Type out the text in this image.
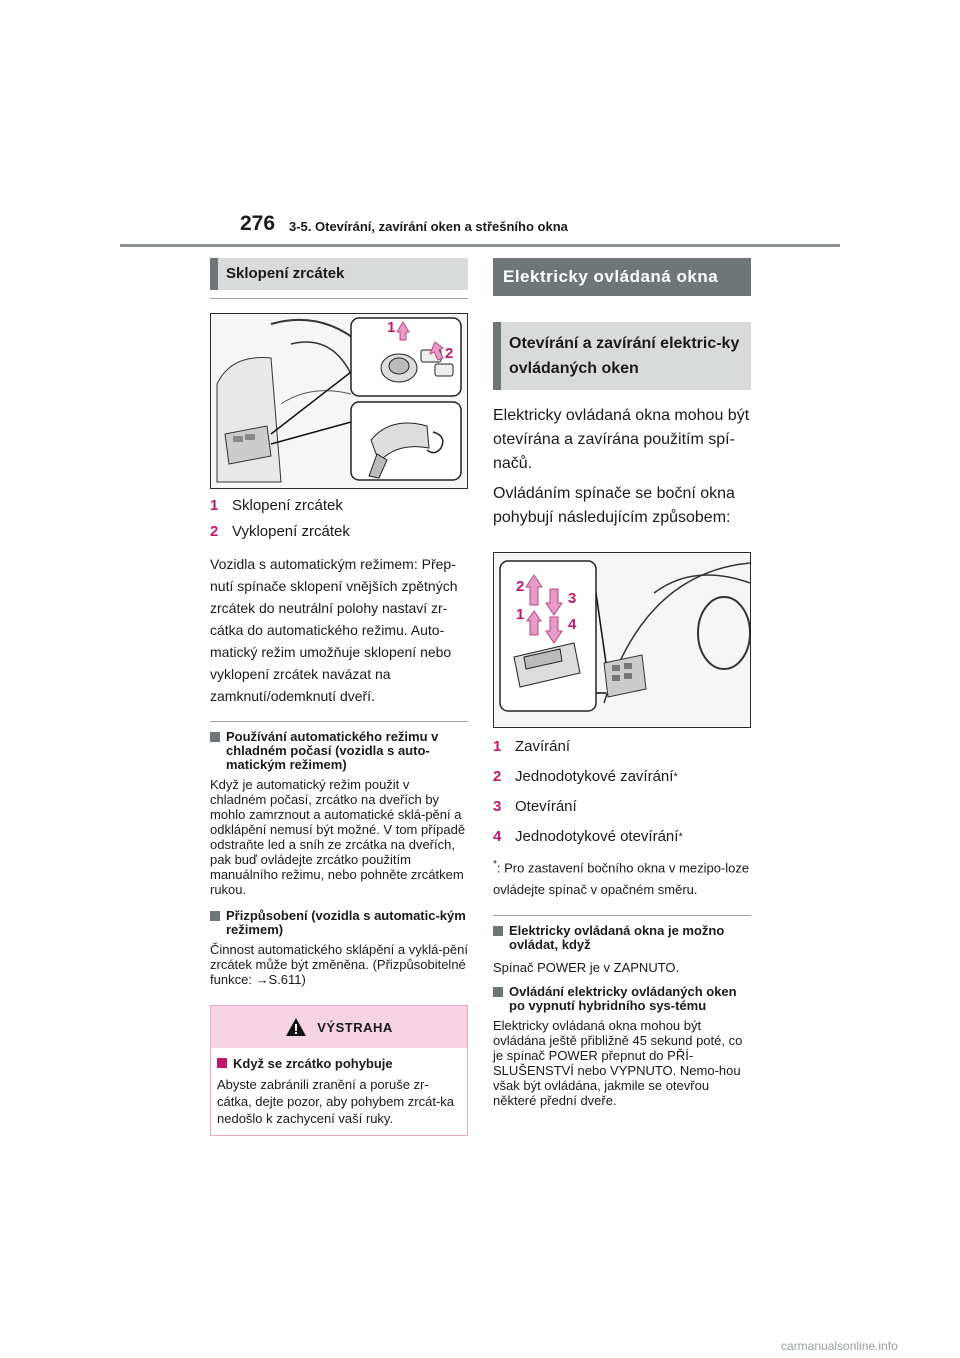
276 3-5. Otevírání, zavírání oken a střešního okna
Sklopení zrcátek
1
2
1 Sklopení zrcátek
2 Vyklopení zrcátek

Vozidla s automatickým režimem: Přep-nutí spínače sklopení vnějších zpětných zrcátek do neutrální polohy nastaví zr-cátka do automatického režimu. Auto-matický režim umožňuje sklopení nebo vyklopení zrcátek navázat na zamknutí/odemknutí dveří.

Používání automatického režimu v chladném počasí (vozidla s auto-matickým režimem)

Když je automatický režim použit v chladném počasí, zrcátko na dveřích by mohlo zamrznout a automatické sklá-pění a odklápění nemusí být možné. V tom případě odstraňte led a sníh ze zrcátka na dveřích, pak buď ovládejte zrcátko použitím manuálního režimu, nebo pohněte zrcátkem rukou.

Přizpůsobení (vozidla s automatic-kým režimem)

Činnost automatického sklápění a vyklá-pění zrcátek může být změněna. (Přizpůsobitelné funkce: →S.611)

VÝSTRAHA
Když se zrcátko pohybuje

Abyste zabránili zranění a poruše zr-cátka, dejte pozor, aby pohybem zrcát-ka nedošlo k zachycení vaší ruky.

Elektricky ovládaná okna
Otevírání a zavírání elektric-ky ovládaných oken

Elektricky ovládaná okna mohou být otevírána a zavírána použitím spí-načů.

Ovládáním spínače se boční okna pohybují následujícím způsobem:

2
3
1
4
1 Zavírání
2 Jednodotykové zavírání *
3 Otevírání
4 Jednodotykové otevírání *
*: Pro zastavení bočního okna v mezipo-loze ovládejte spínač v opačném směru.
Elektricky ovládaná okna je možno ovládat, když

Spínač POWER je v ZAPNUTO.

Ovládání elektricky ovládaných oken po vypnutí hybridního sys-tému

Elektricky ovládaná okna mohou být ovládána ještě přibližně 45 sekund poté, co je spínač POWER přepnut do PŘÍ-SLUŠENSTVÍ nebo VYPNUTO. Nemo-hou však být ovládána, jakmile se otevřou některé přední dveře.

carmanualsonline.info
